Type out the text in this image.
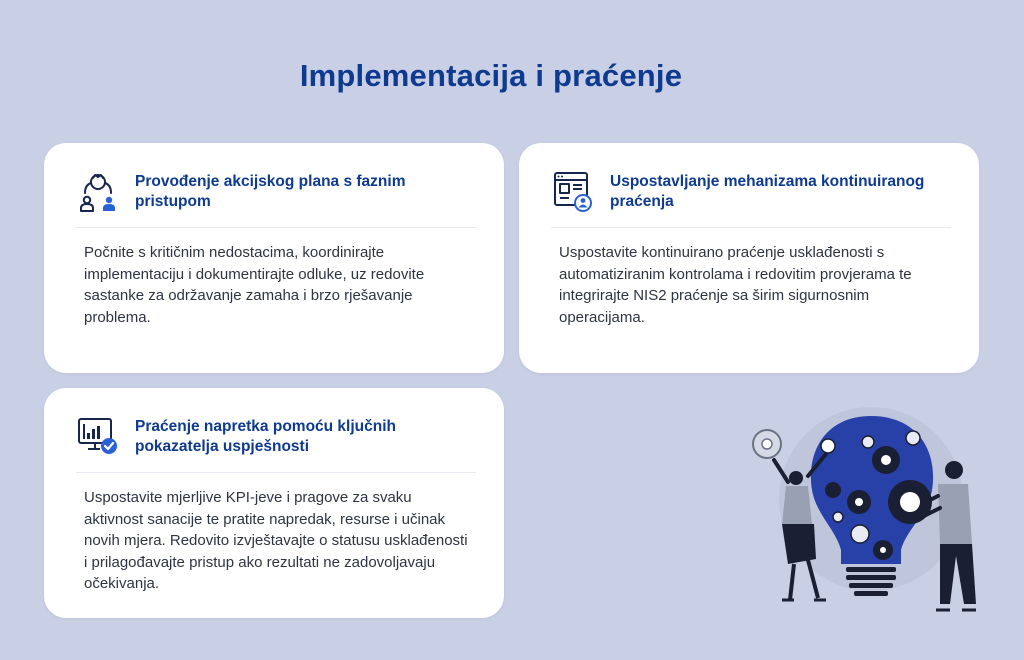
Implementacija i praćenje
Provođenje akcijskog plana s faznim pristupom
Počnite s kritičnim nedostacima, koordinirajte implementaciju i dokumentirajte odluke, uz redovite sastanke za održavanje zamaha i brzo rješavanje problema.
Uspostavljanje mehanizama kontinuiranog praćenja
Uspostavite kontinuirano praćenje usklađenosti s automatiziranim kontrolama i redovitim provjerama te integrirajte NIS2 praćenje sa širim sigurnosnim operacijama.
Praćenje napretka pomoću ključnih pokazatelja uspješnosti
Uspostavite mjerljive KPI-jeve i pragove za svaku aktivnost sanacije te pratite napredak, resurse i učinak novih mjera. Redovito izvještavajte o statusu usklađenosti i prilagođavajte pristup ako rezultati ne zadovoljavaju očekivanja.
